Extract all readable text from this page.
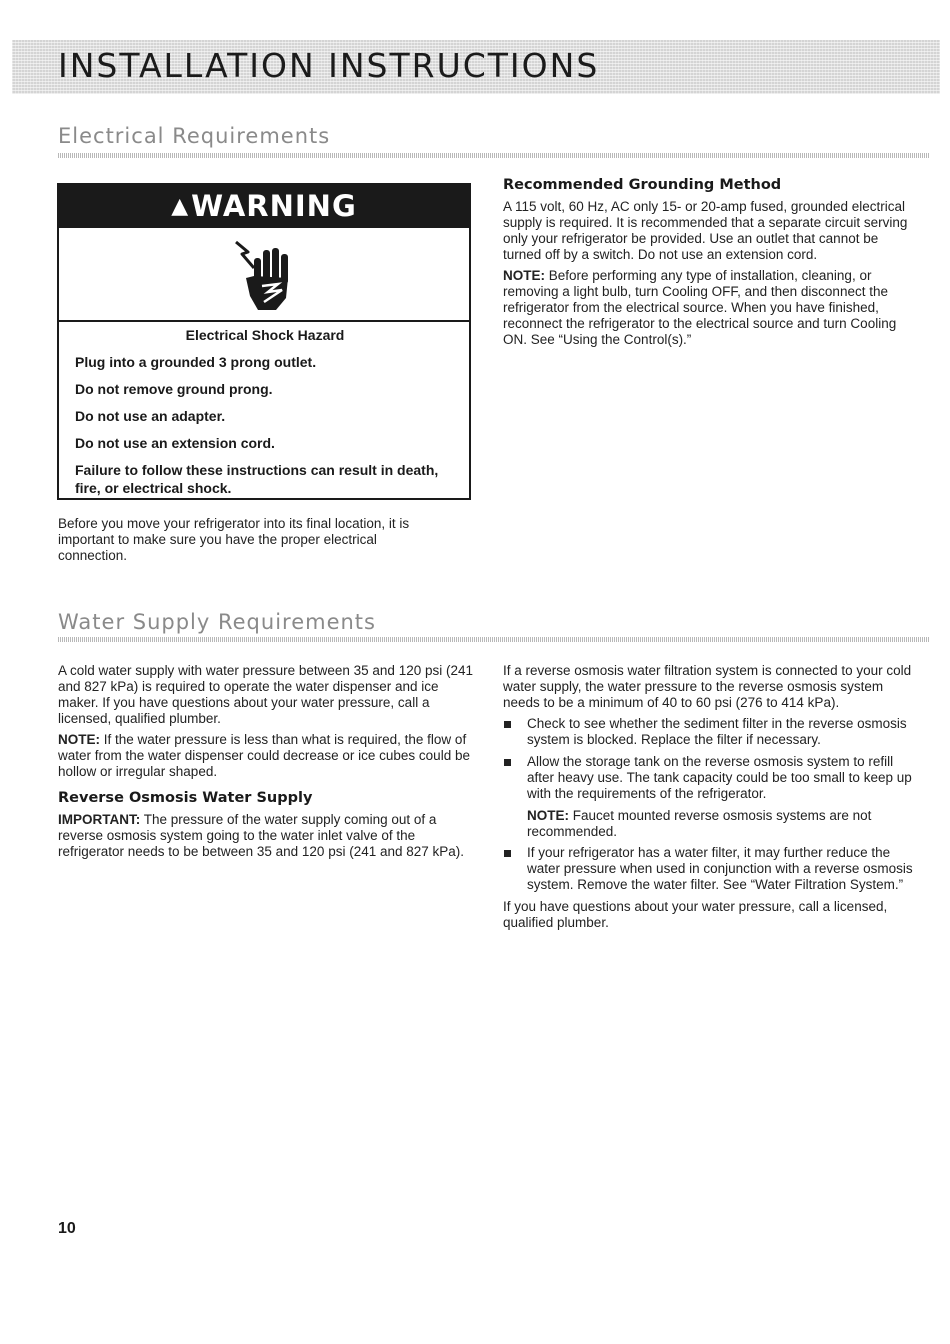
INSTALLATION INSTRUCTIONS
Electrical Requirements
▲WARNING

Electrical Shock Hazard

Plug into a grounded 3 prong outlet.

Do not remove ground prong.

Do not use an adapter.

Do not use an extension cord.

Failure to follow these instructions can result in death, fire, or electrical shock.

Before you move your refrigerator into its final location, it is important to make sure you have the proper electrical connection.
Recommended Grounding Method

A 115 volt, 60 Hz, AC only 15- or 20-amp fused, grounded electrical supply is required. It is recommended that a separate circuit serving only your refrigerator be provided. Use an outlet that cannot be turned off by a switch. Do not use an extension cord.

NOTE: Before performing any type of installation, cleaning, or removing a light bulb, turn Cooling OFF, and then disconnect the refrigerator from the electrical source. When you have finished, reconnect the refrigerator to the electrical source and turn Cooling ON. See “Using the Control(s).”

Water Supply Requirements

A cold water supply with water pressure between 35 and 120 psi (241 and 827 kPa) is required to operate the water dispenser and ice maker. If you have questions about your water pressure, call a licensed, qualified plumber.

NOTE: If the water pressure is less than what is required, the flow of water from the water dispenser could decrease or ice cubes could be hollow or irregular shaped.

Reverse Osmosis Water Supply

IMPORTANT: The pressure of the water supply coming out of a reverse osmosis system going to the water inlet valve of the refrigerator needs to be between 35 and 120 psi (241 and 827 kPa).

If a reverse osmosis water filtration system is connected to your cold water supply, the water pressure to the reverse osmosis system needs to be a minimum of 40 to 60 psi (276 to 414 kPa).

Check to see whether the sediment filter in the reverse osmosis system is blocked. Replace the filter if necessary.
Allow the storage tank on the reverse osmosis system to refill after heavy use. The tank capacity could be too small to keep up with the requirements of the refrigerator.

NOTE: Faucet mounted reverse osmosis systems are not recommended.

If your refrigerator has a water filter, it may further reduce the water pressure when used in conjunction with a reverse osmosis system. Remove the water filter. See “Water Filtration System.”

If you have questions about your water pressure, call a licensed, qualified plumber.

10
